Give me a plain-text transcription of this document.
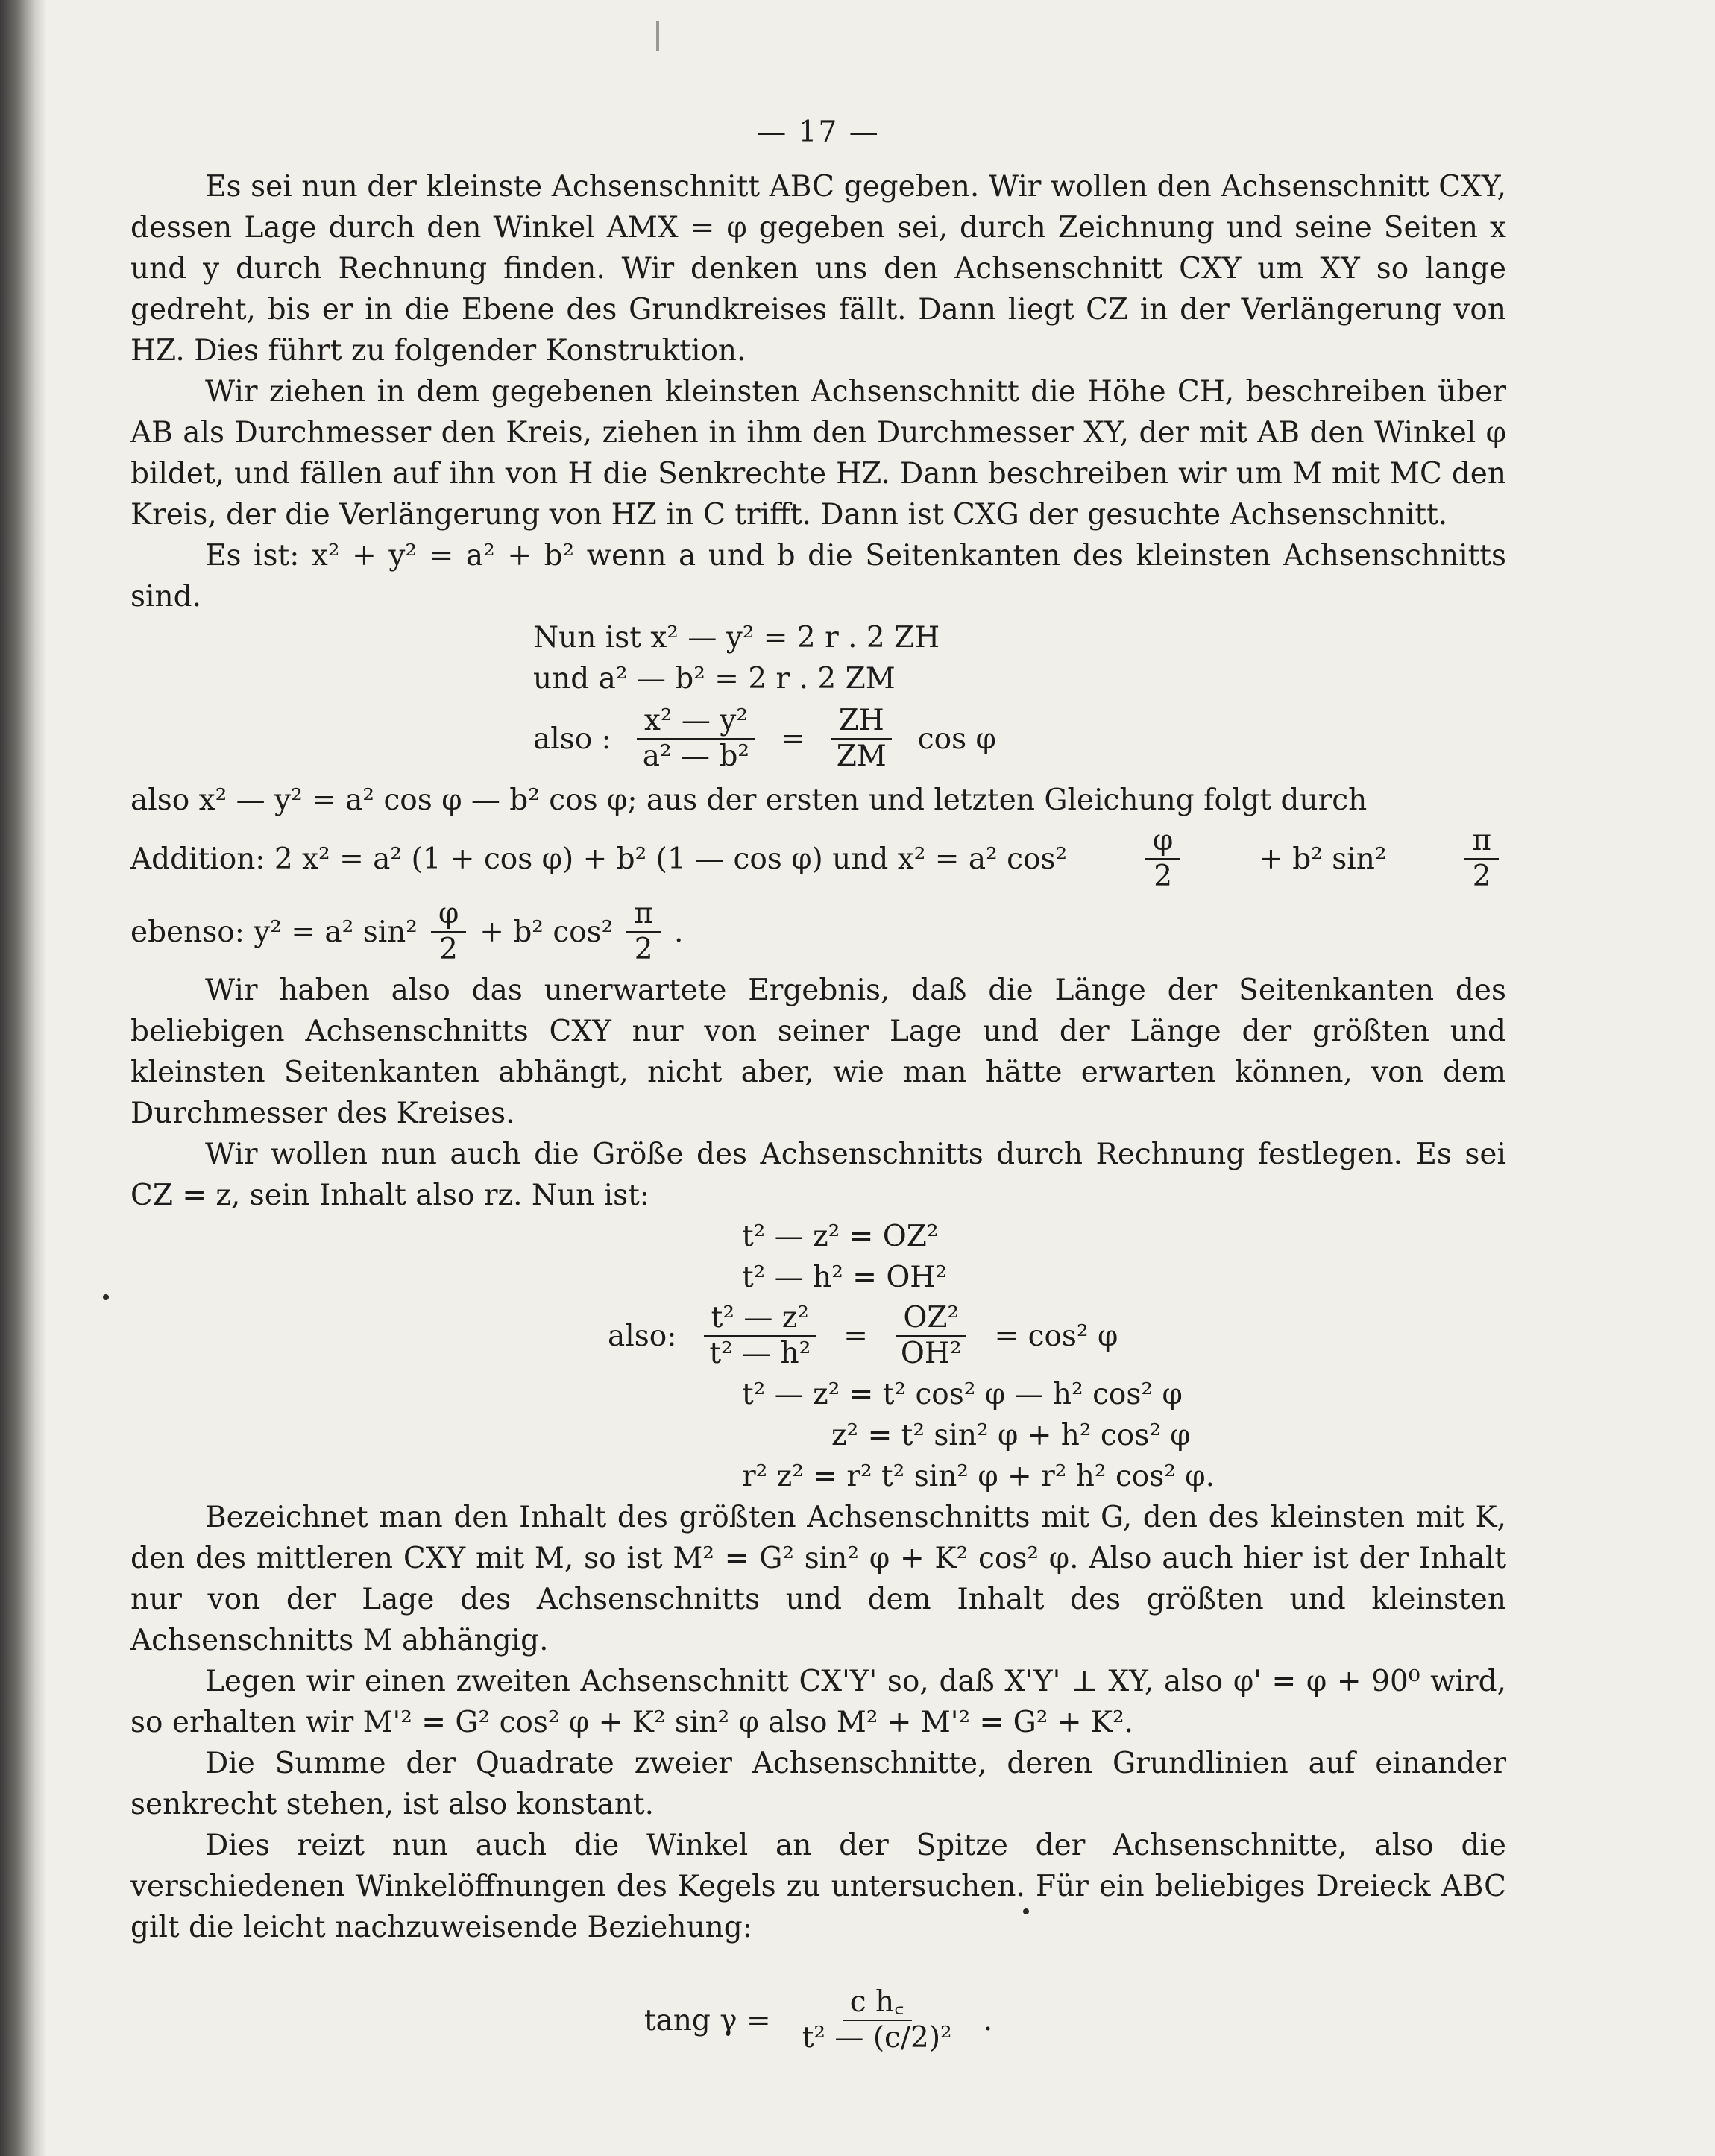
— 17 —

Es sei nun der kleinste Achsenschnitt ABC gegeben. Wir wollen den Achsenschnitt CXY, dessen Lage durch den Winkel AMX = φ gegeben sei, durch Zeichnung und seine Seiten x und y durch Rechnung finden. Wir denken uns den Achsenschnitt CXY um XY so lange gedreht, bis er in die Ebene des Grundkreises fällt. Dann liegt CZ in der Verlängerung von HZ. Dies führt zu folgender Konstruktion.

Wir ziehen in dem gegebenen kleinsten Achsenschnitt die Höhe CH, beschreiben über AB als Durchmesser den Kreis, ziehen in ihm den Durchmesser XY, der mit AB den Winkel φ bildet, und fällen auf ihn von H die Senkrechte HZ. Dann beschreiben wir um M mit MC den Kreis, der die Verlängerung von HZ in C trifft. Dann ist CXG der gesuchte Achsenschnitt.

Es ist: x² + y² = a² + b² wenn a und b die Seitenkanten des kleinsten Achsenschnitts sind.

Nun ist x² — y² = 2 r . 2 ZH
und a² — b² = 2 r . 2 ZM
also : $\frac{\text{x² — y²}}{\text{a² — b²}} = \frac{ZH}{ZM}$ cos φ

also x² — y² = a² cos φ — b² cos φ; aus der ersten und letzten Gleichung folgt durch

Addition: 2 x² = a² (1 + cos φ) + b² (1 — cos φ) und x² = a² cos²	$\frac{\varphi}{2}$	+ b² sin²	$\frac{\pi}{2}$
ebenso: y² = a² $\sin^2 \frac{\varphi}{2} + b^2$ $\cos^2 \frac{\pi}{2}$ .

Wir haben also das unerwartete Ergebnis, daß die Länge der Seitenkanten des beliebigen Achsenschnitts CXY nur von seiner Lage und der Länge der größten und kleinsten Seitenkanten abhängt, nicht aber, wie man hätte erwarten können, von dem Durchmesser des Kreises.

Wir wollen nun auch die Größe des Achsenschnitts durch Rechnung festlegen. Es sei CZ = z, sein Inhalt also rz. Nun ist:

t² — z² = OZ²
t² — h² = OH²
also: $\frac{\text{t² — z²}}{\text{t² — h²}} = \frac{\text{OZ²}}{\text{OH²}} = \cos^2$ φ
t² — z² = t² cos² φ — h² cos² φ
z² = t² sin² φ + h² cos² φ
r² z² = r² t² sin² φ + r² h² cos² φ.

Bezeichnet man den Inhalt des größten Achsenschnitts mit G, den des kleinsten mit K, den des mittleren CXY mit M, so ist M² = G² sin² φ + K² cos² φ. Also auch hier ist der Inhalt nur von der Lage des Achsenschnitts und dem Inhalt des größten und kleinsten Achsenschnitts M abhängig.

Legen wir einen zweiten Achsenschnitt CX'Y' so, daß X'Y' ⊥ XY, also φ' = φ + 90⁰ wird, so erhalten wir M'² = G² cos² φ + K² sin² φ also M² + M'² = G² + K².

Die Summe der Quadrate zweier Achsenschnitte, deren Grundlinien auf einander senkrecht stehen, ist also konstant.

Dies reizt nun auch die Winkel an der Spitze der Achsenschnitte, also die verschiedenen Winkelöffnungen des Kegels zu untersuchen. Für ein beliebiges Dreieck ABC gilt die leicht nachzuweisende Beziehung:

tang $\gamma = \frac{\text{c h꜀}}{\text{t² — (c/2)²}}$ .
